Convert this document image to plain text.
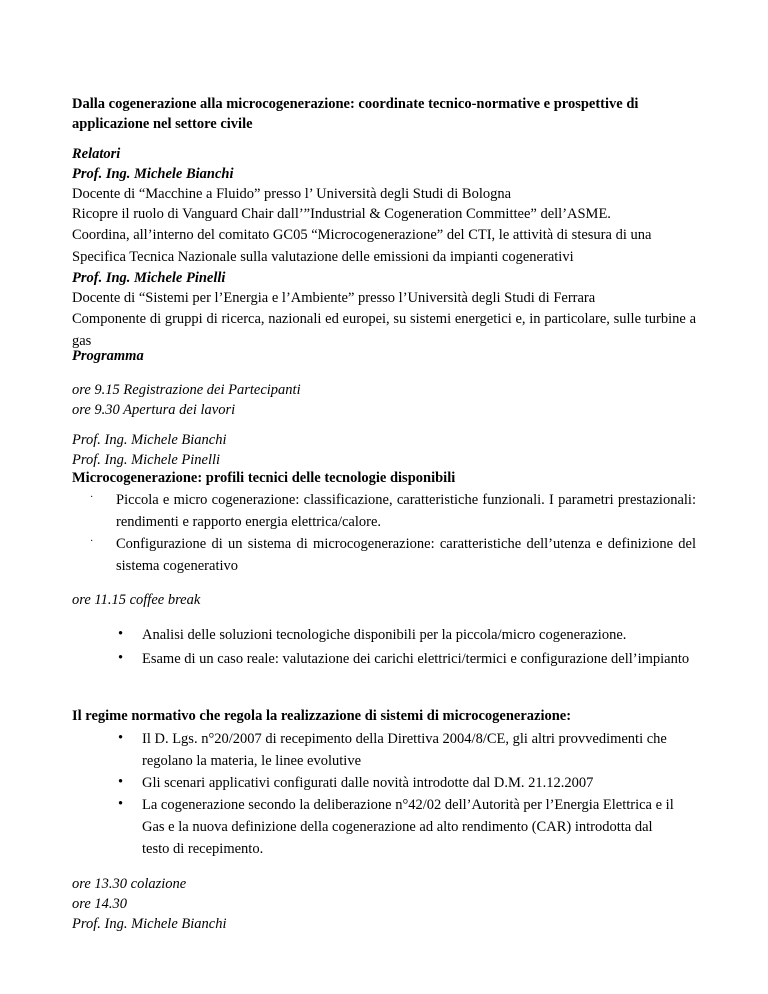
Dalla cogenerazione alla microcogenerazione: coordinate tecnico-normative e prospettive di applicazione nel settore civile
Relatori
Prof. Ing. Michele Bianchi
Docente di “Macchine a Fluido” presso l’ Università degli Studi di Bologna
Ricopre il ruolo di Vanguard Chair dall’”Industrial & Cogeneration Committee” dell’ASME.
Coordina, all’interno del comitato GC05 “Microcogenerazione” del CTI, le attività di stesura di una Specifica Tecnica Nazionale sulla valutazione delle emissioni da impianti cogenerativi
Prof. Ing. Michele Pinelli
Docente di “Sistemi per l’Energia e l’Ambiente” presso l’Università degli Studi di Ferrara
Componente di gruppi di ricerca, nazionali ed europei, su sistemi energetici e, in particolare, sulle turbine a gas
Programma
ore 9.15 Registrazione dei Partecipanti
ore 9.30 Apertura dei lavori
Prof. Ing. Michele Bianchi
Prof. Ing. Michele Pinelli
Microcogenerazione: profili tecnici delle tecnologie disponibili
· Piccola e micro cogenerazione: classificazione, caratteristiche funzionali. I parametri prestazionali: rendimenti e rapporto energia elettrica/calore.
· Configurazione di un sistema di microcogenerazione: caratteristiche dell’utenza e definizione del sistema cogenerativo
ore 11.15 coffee break
• Analisi delle soluzioni tecnologiche disponibili per la piccola/micro cogenerazione.
• Esame di un caso reale: valutazione dei carichi elettrici/termici e configurazione dell’impianto
Il regime normativo che regola la realizzazione di sistemi di microcogenerazione:
• Il D. Lgs. n°20/2007 di recepimento della Direttiva 2004/8/CE, gli altri provvedimenti che regolano la materia, le linee evolutive
• Gli scenari applicativi configurati dalle novità introdotte dal D.M. 21.12.2007
• La cogenerazione secondo la deliberazione n°42/02 dell’Autorità per l’Energia Elettrica e il Gas e la nuova definizione della cogenerazione ad alto rendimento (CAR) introdotta dal testo di recepimento.
ore 13.30 colazione
ore 14.30
Prof. Ing. Michele Bianchi
